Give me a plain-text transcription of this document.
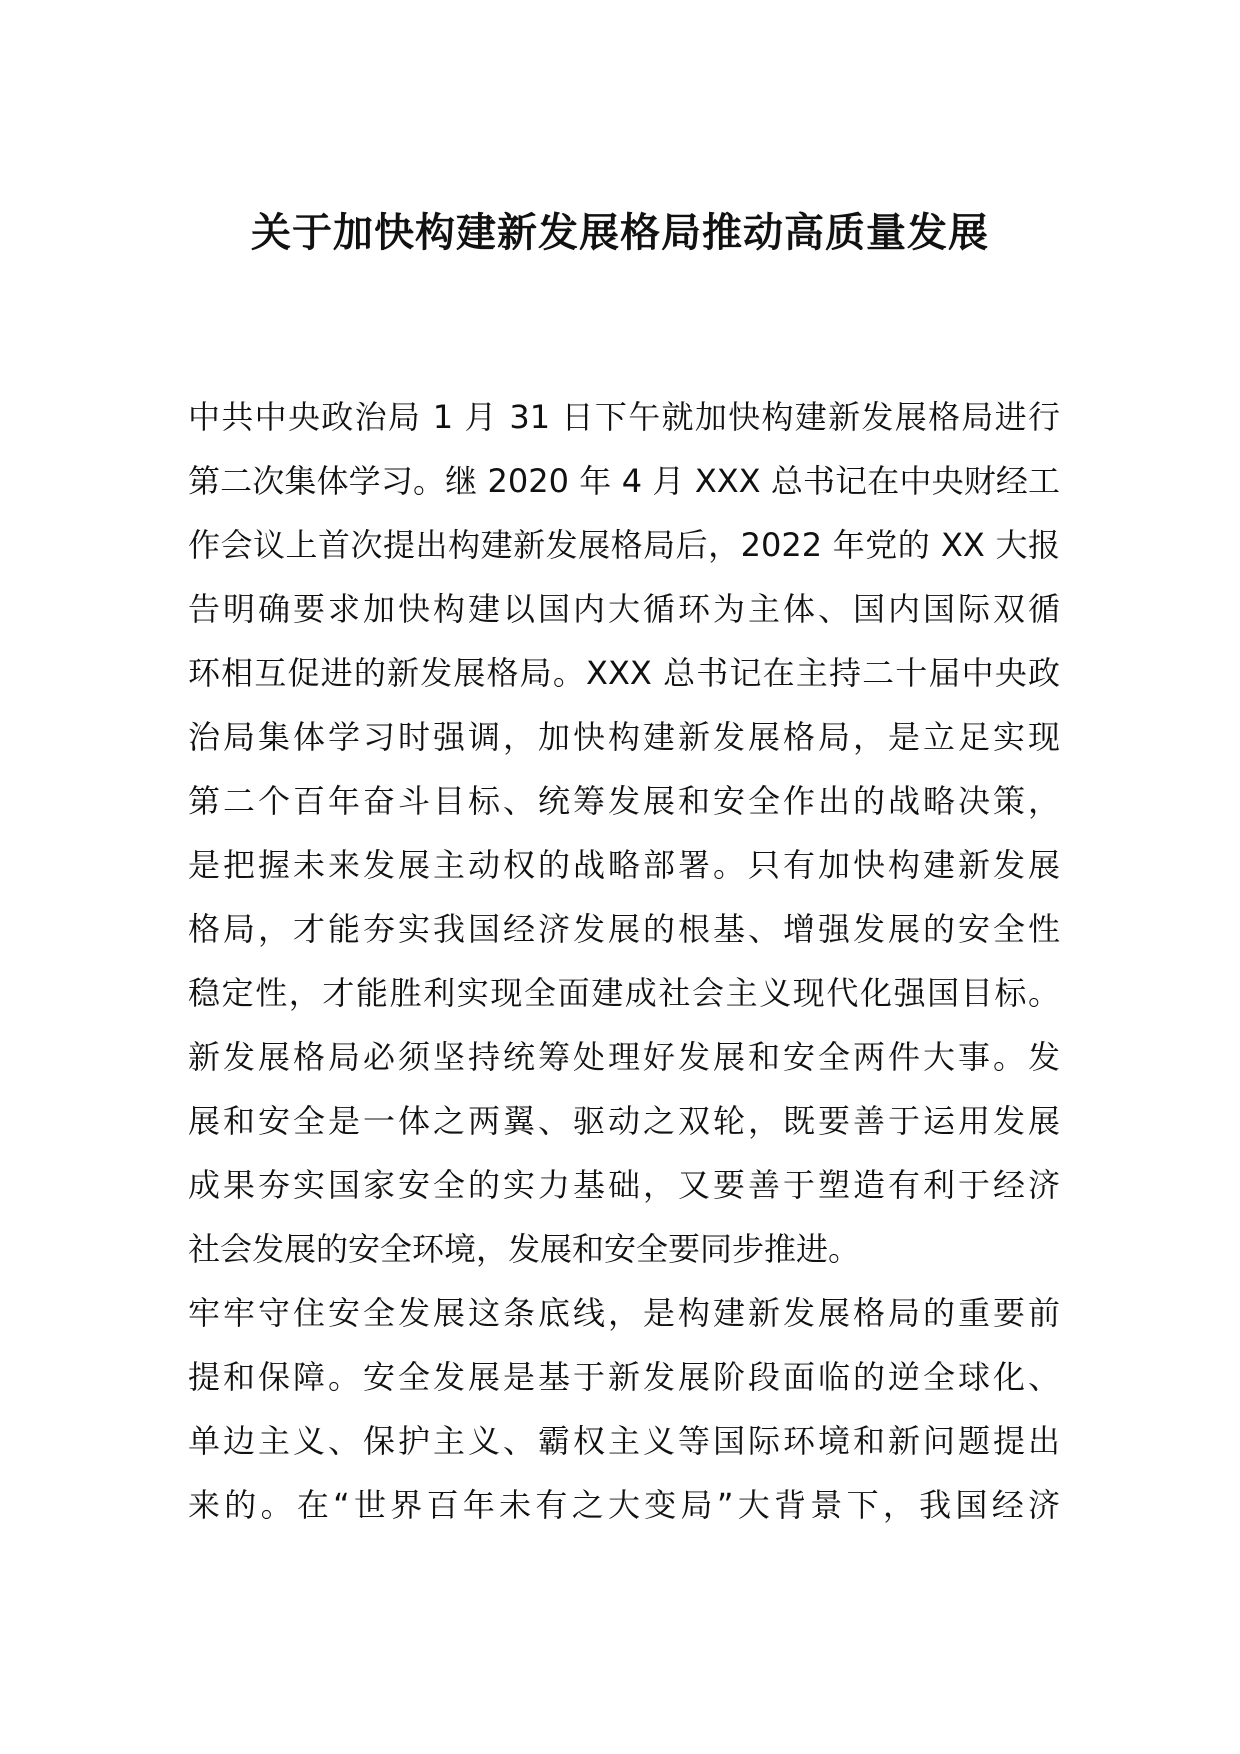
关于加快构建新发展格局推动高质量发展
中共中央政治局 1 月 31 日下午就加快构建新发展格局进行
第二次集体学习。继 2020 年 4 月 XXX 总书记在中央财经工
作会议上首次提出构建新发展格局后，2022 年党的 XX 大报
告明确要求加快构建以国内大循环为主体、国内国际双循
环相互促进的新发展格局。XXX 总书记在主持二十届中央政
治局集体学习时强调，加快构建新发展格局，是立足实现
第二个百年奋斗目标、统筹发展和安全作出的战略决策，
是把握未来发展主动权的战略部署。只有加快构建新发展
格局，才能夯实我国经济发展的根基、增强发展的安全性
稳定性，才能胜利实现全面建成社会主义现代化强国目标。
新发展格局必须坚持统筹处理好发展和安全两件大事。发
展和安全是一体之两翼、驱动之双轮，既要善于运用发展
成果夯实国家安全的实力基础，又要善于塑造有利于经济
社会发展的安全环境，发展和安全要同步推进。
牢牢守住安全发展这条底线，是构建新发展格局的重要前
提和保障。安全发展是基于新发展阶段面临的逆全球化、
单边主义、保护主义、霸权主义等国际环境和新问题提出
来的。在“世界百年未有之大变局”大背景下，我国经济
